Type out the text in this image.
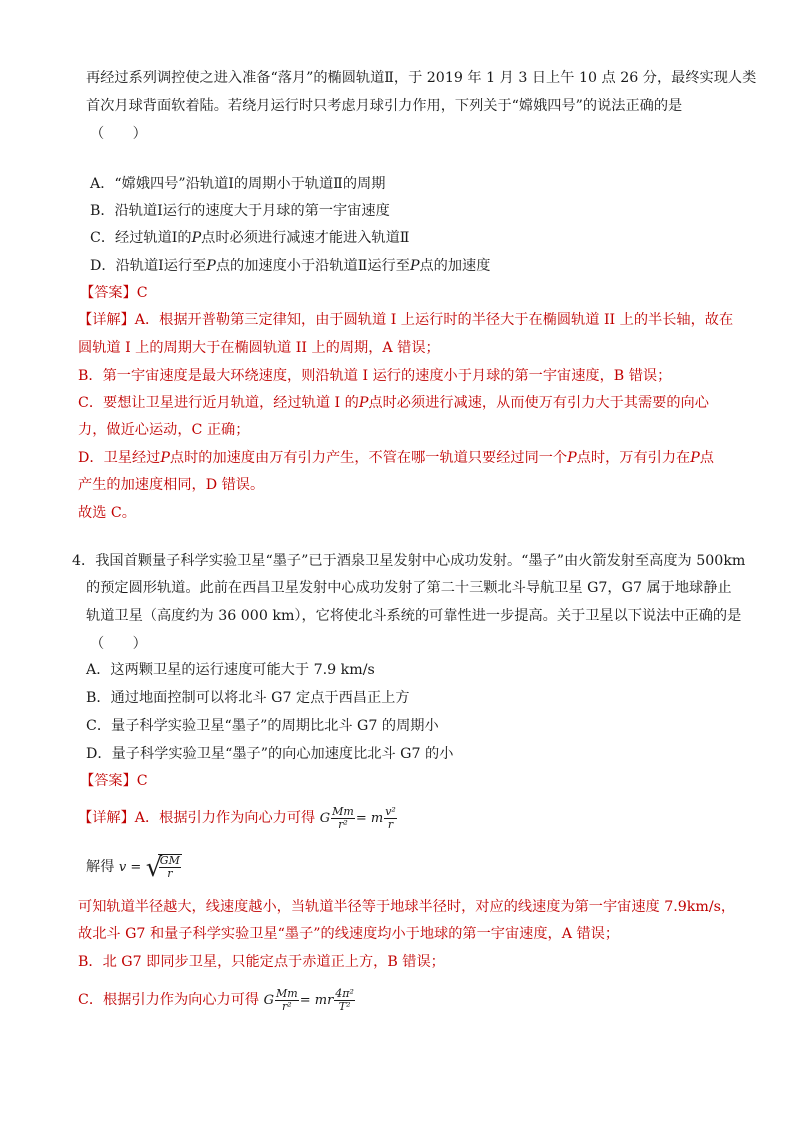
再经过系列调控使之进入准备“落月”的椭圆轨道Ⅱ，于 2019 年 1 月 3 日上午 10 点 26 分，最终实现人类
首次月球背面软着陆。若绕月运行时只考虑月球引力作用，下列关于“嫦娥四号”的说法正确的是
（　　）
A．“嫦娥四号”沿轨道Ⅰ的周期小于轨道Ⅱ的周期
B．沿轨道Ⅰ运行的速度大于月球的第一宇宙速度
C．经过轨道Ⅰ的P点时必须进行减速才能进入轨道Ⅱ
D．沿轨道Ⅰ运行至P点的加速度小于沿轨道Ⅱ运行至P点的加速度
【答案】C
【详解】A．根据开普勒第三定律知，由于圆轨道 I 上运行时的半径大于在椭圆轨道 II 上的半长轴，故在
圆轨道 I 上的周期大于在椭圆轨道 II 上的周期，A 错误；
B．第一宇宙速度是最大环绕速度，则沿轨道 I 运行的速度小于月球的第一宇宙速度，B 错误；
C．要想让卫星进行近月轨道，经过轨道 I 的P点时必须进行减速，从而使万有引力大于其需要的向心
力，做近心运动，C 正确；
D．卫星经过P点时的加速度由万有引力产生，不管在哪一轨道只要经过同一个P点时，万有引力在P点
产生的加速度相同，D 错误。
故选 C。
4．我国首颗量子科学实验卫星“墨子”已于酒泉卫星发射中心成功发射。“墨子”由火箭发射至高度为 500km
的预定圆形轨道。此前在西昌卫星发射中心成功发射了第二十三颗北斗导航卫星 G7，G7 属于地球静止
轨道卫星（高度约为 36 000 km），它将使北斗系统的可靠性进一步提高。关于卫星以下说法中正确的是
（　　）
A．这两颗卫星的运行速度可能大于 7.9 km/s
B．通过地面控制可以将北斗 G7 定点于西昌正上方
C．量子科学实验卫星“墨子”的周期比北斗 G7 的周期小
D．量子科学实验卫星“墨子”的向心加速度比北斗 G7 的小
【答案】C
【详解】A．根据引力作为向心力可得 G $\frac{Mm}{\text{r²}} = m \frac{\text{v²}}{r}$
解得 v = √
$\frac{GM}{r}$
可知轨道半径越大，线速度越小，当轨道半径等于地球半径时，对应的线速度为第一宇宙速度 7.9km/s，
故北斗 G7 和量子科学实验卫星“墨子”的线速度均小于地球的第一宇宙速度，A 错误；
B．北 G7 即同步卫星，只能定点于赤道正上方，B 错误；
C．根据引力作为向心力可得 G $\frac{Mm}{\text{r²}}$ = mr $\frac{\text{4π²}}{\text{T²}}$
